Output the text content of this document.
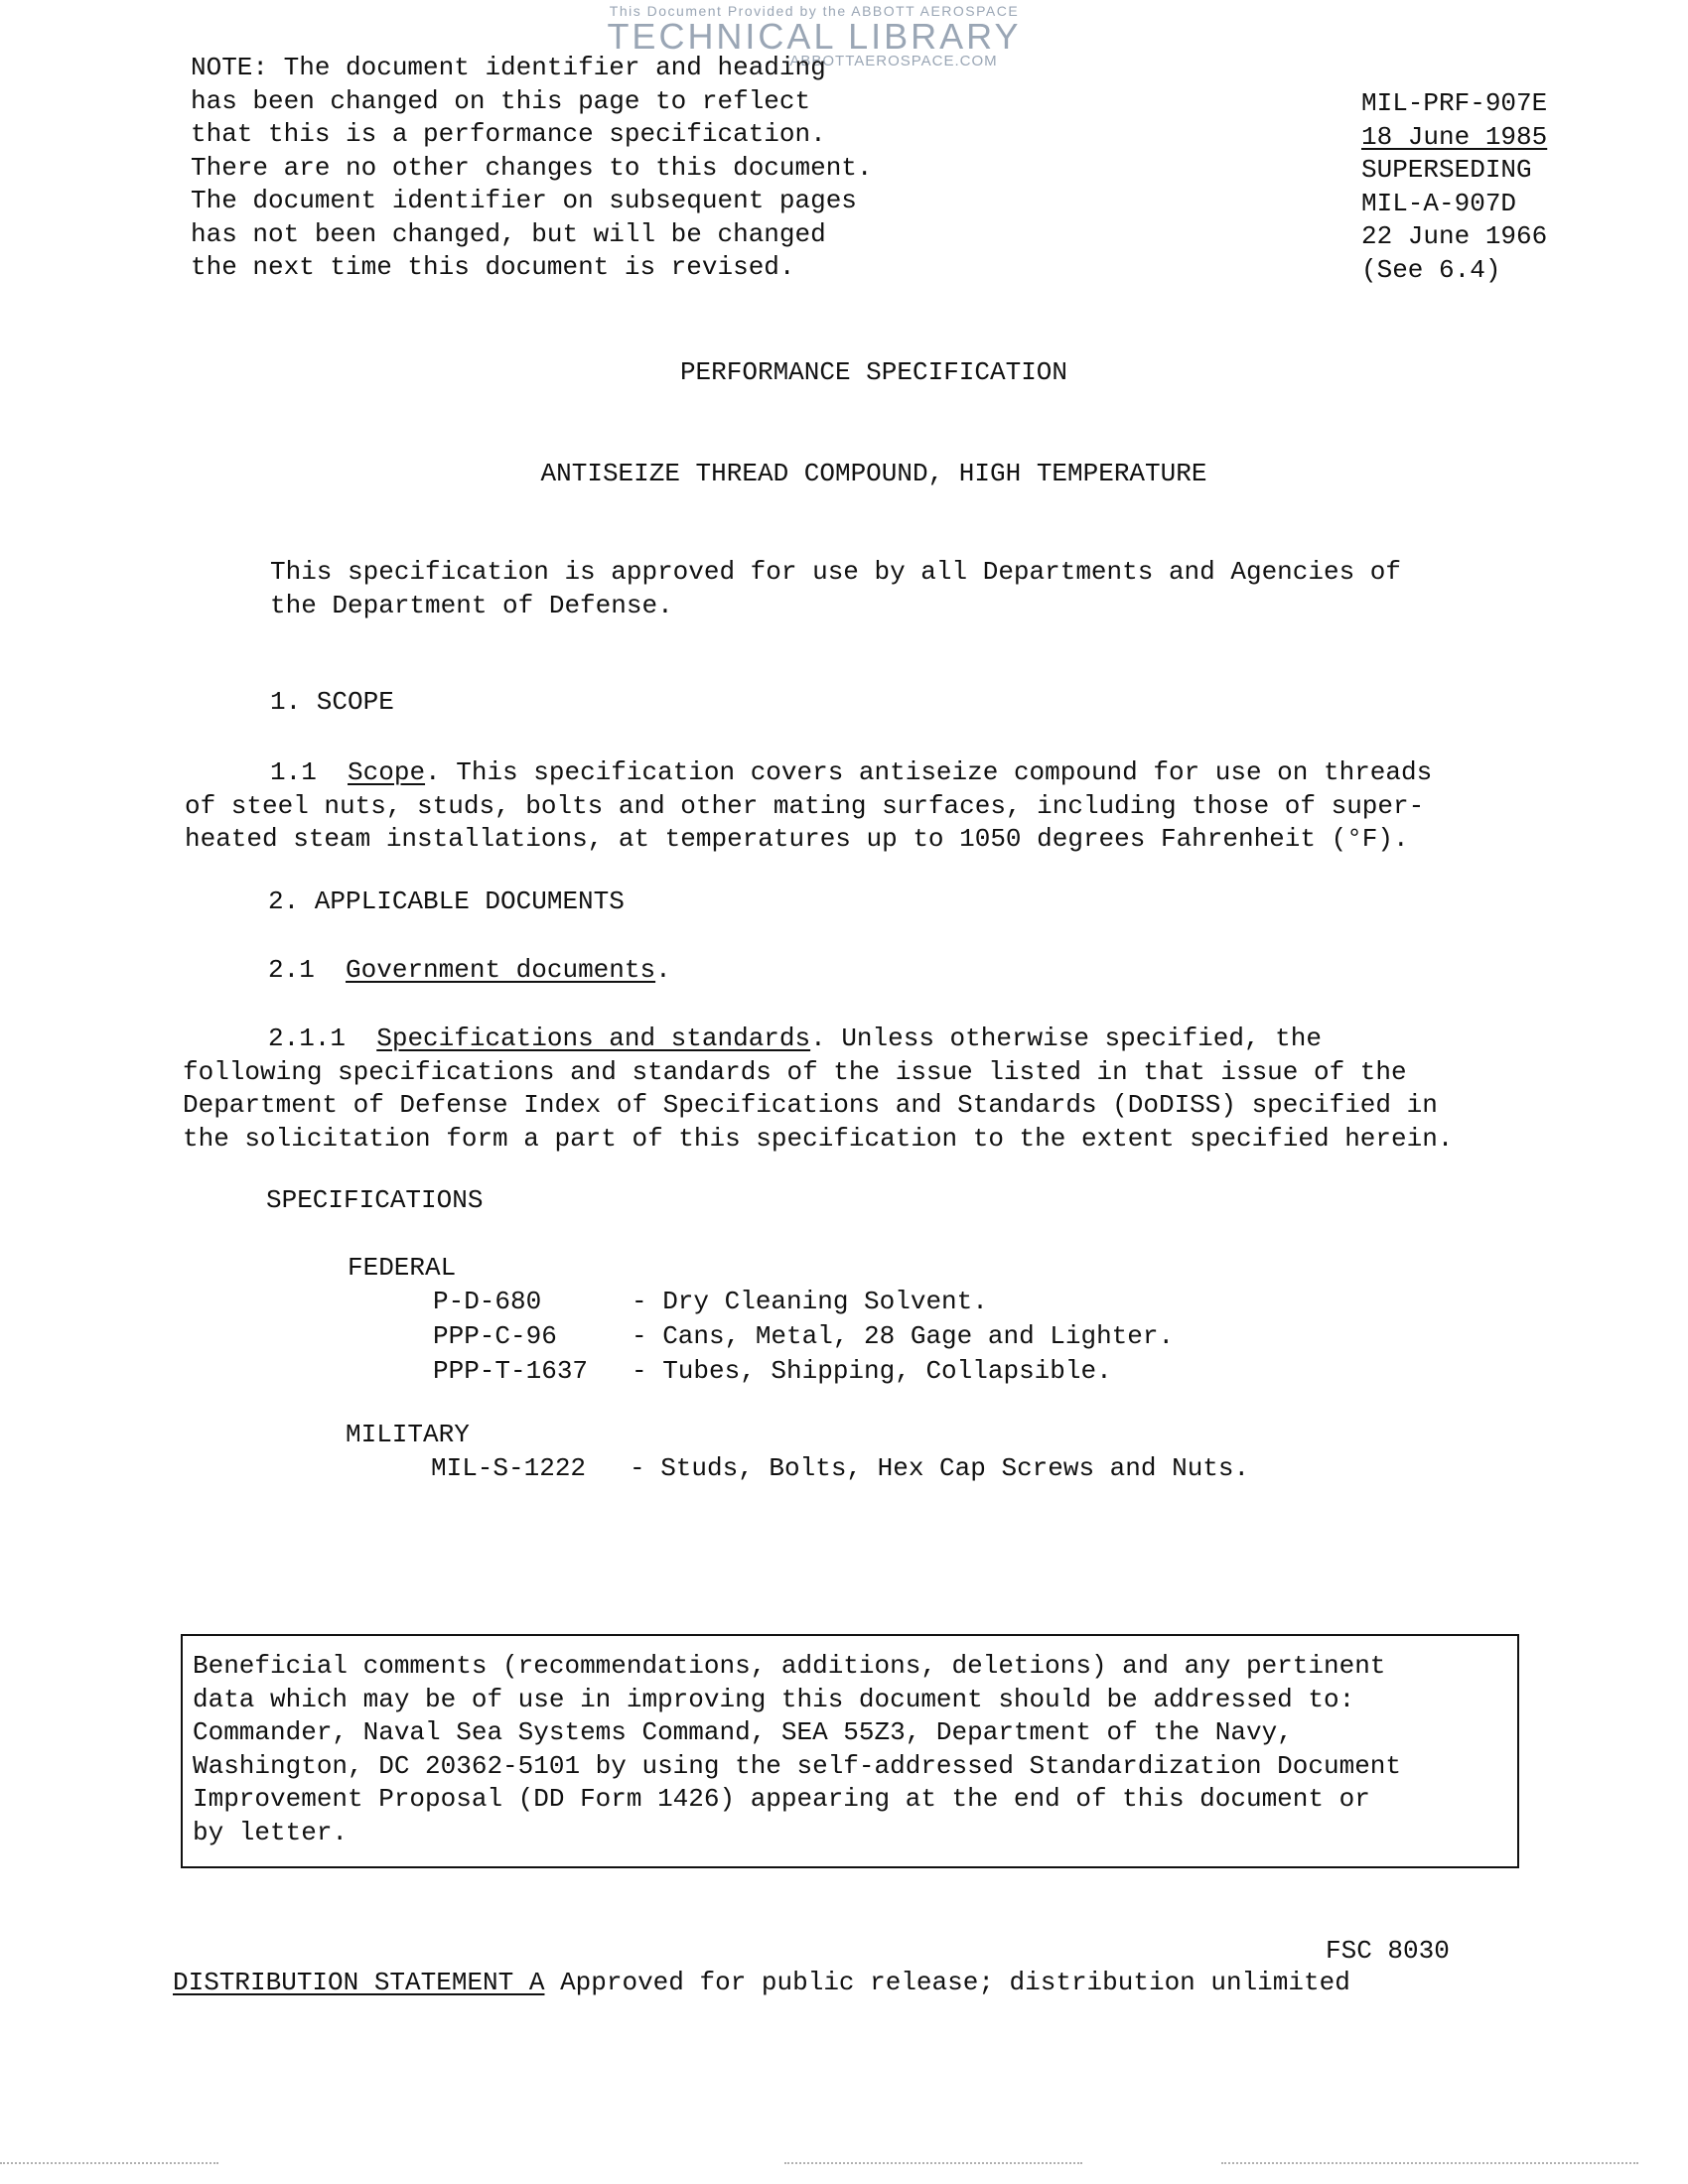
This Document Provided by the ABBOTT AEROSPACE
TECHNICAL LIBRARY
ABBOTTAEROSPACE.COM
NOTE: The document identifier and heading
has been changed on this page to reflect
that this is a performance specification.
There are no other changes to this document.
The document identifier on subsequent pages
has not been changed, but will be changed
the next time this document is revised.
MIL-PRF-907E
18 June 1985
SUPERSEDING
MIL-A-907D
22 June 1966
(See 6.4)
PERFORMANCE SPECIFICATION
ANTISEIZE THREAD COMPOUND, HIGH TEMPERATURE
This specification is approved for use by all Departments and Agencies of
the Department of Defense.
1. SCOPE
1.1 Scope. This specification covers antiseize compound for use on threads
of steel nuts, studs, bolts and other mating surfaces, including those of super-
heated steam installations, at temperatures up to 1050 degrees Fahrenheit (°F).
2. APPLICABLE DOCUMENTS
2.1 Government documents.
2.1.1 Specifications and standards. Unless otherwise specified, the
following specifications and standards of the issue listed in that issue of the
Department of Defense Index of Specifications and Standards (DoDISS) specified in
the solicitation form a part of this specification to the extent specified herein.
SPECIFICATIONS
FEDERAL
P-D-680	- Dry Cleaning Solvent.
PPP-C-96	- Cans, Metal, 28 Gage and Lighter.
PPP-T-1637 - Tubes, Shipping, Collapsible.
MILITARY
MIL-S-1222 - Studs, Bolts, Hex Cap Screws and Nuts.
Beneficial comments (recommendations, additions, deletions) and any pertinent
data which may be of use in improving this document should be addressed to:
Commander, Naval Sea Systems Command, SEA 55Z3, Department of the Navy,
Washington, DC 20362-5101 by using the self-addressed Standardization Document
Improvement Proposal (DD Form 1426) appearing at the end of this document or
by letter.
FSC 8030
DISTRIBUTION STATEMENT A Approved for public release; distribution unlimited
